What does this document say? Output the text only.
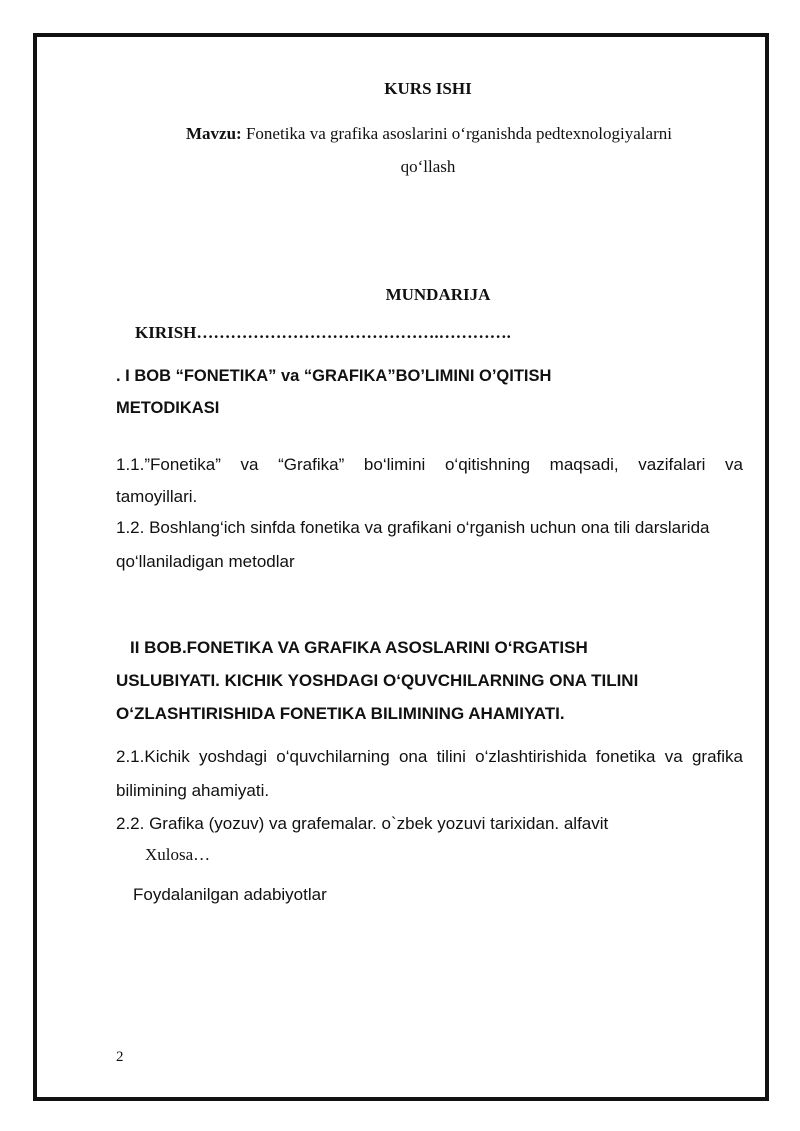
KURS ISHI
Mavzu: Fonetika va grafika asoslarini o‘rganishda pedtexnologiyalarni
qo‘llash
MUNDARIJA
KIRISH…………………………………….………….
. I BOB “FONETIKA” va “GRAFIKA”BO’LIMINI O’QITISH
METODIKASI
1.1.”Fonetika” va “Grafika” bo‘limini o‘qitishning maqsadi, vazifalari va
tamoyillari.
1.2. Boshlang‘ich sinfda fonetika va grafikani o‘rganish uchun ona tili darslarida
qo‘llaniladigan metodlar
II BOB.FONETIKA VA GRAFIKA ASOSLARINI O‘RGATISH
USLUBIYATI. KICHIK YOSHDAGI O‘QUVCHILARNING ONA TILINI
O‘ZLASHTIRISHIDA FONETIKA BILIMINING AHAMIYATI.
2.1.Kichik yoshdagi o‘quvchilarning ona tilini o‘zlashtirishida fonetika va grafika
bilimining ahamiyati.
2.2. Grafika (yozuv) va grafemalar. o`zbek yozuvi tarixidan. alfavit
Xulosa…
Foydalanilgan adabiyotlar
2
